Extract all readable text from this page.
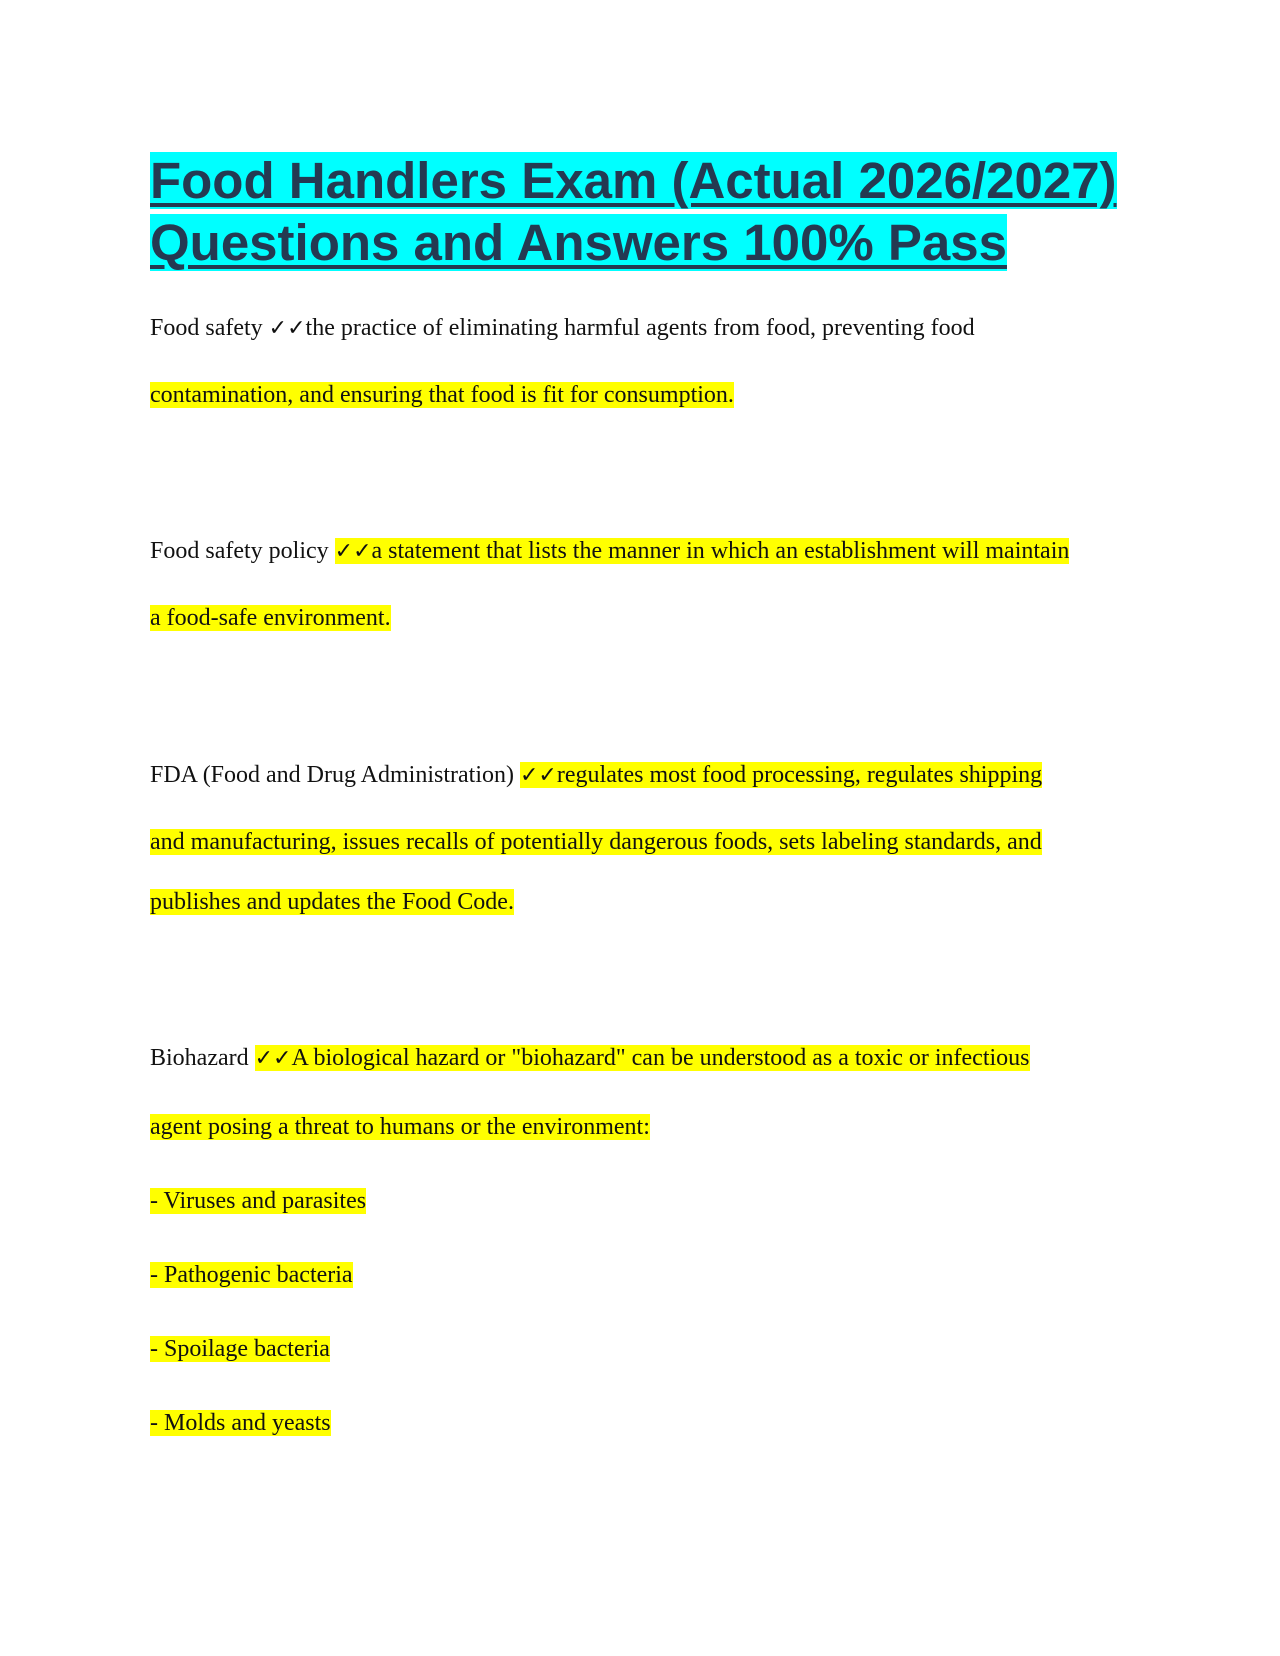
Food Handlers Exam (Actual 2026/2027)
Questions and Answers 100% Pass

Food safety ✓✓the practice of eliminating harmful agents from food, preventing food

contamination, and ensuring that food is fit for consumption.

Food safety policy ✓✓a statement that lists the manner in which an establishment will maintain

a food-safe environment.

FDA (Food and Drug Administration) ✓✓regulates most food processing, regulates shipping

and manufacturing, issues recalls of potentially dangerous foods, sets labeling standards, and

publishes and updates the Food Code.

Biohazard ✓✓A biological hazard or "biohazard" can be understood as a toxic or infectious

agent posing a threat to humans or the environment:

- Viruses and parasites

- Pathogenic bacteria

- Spoilage bacteria

- Molds and yeasts
